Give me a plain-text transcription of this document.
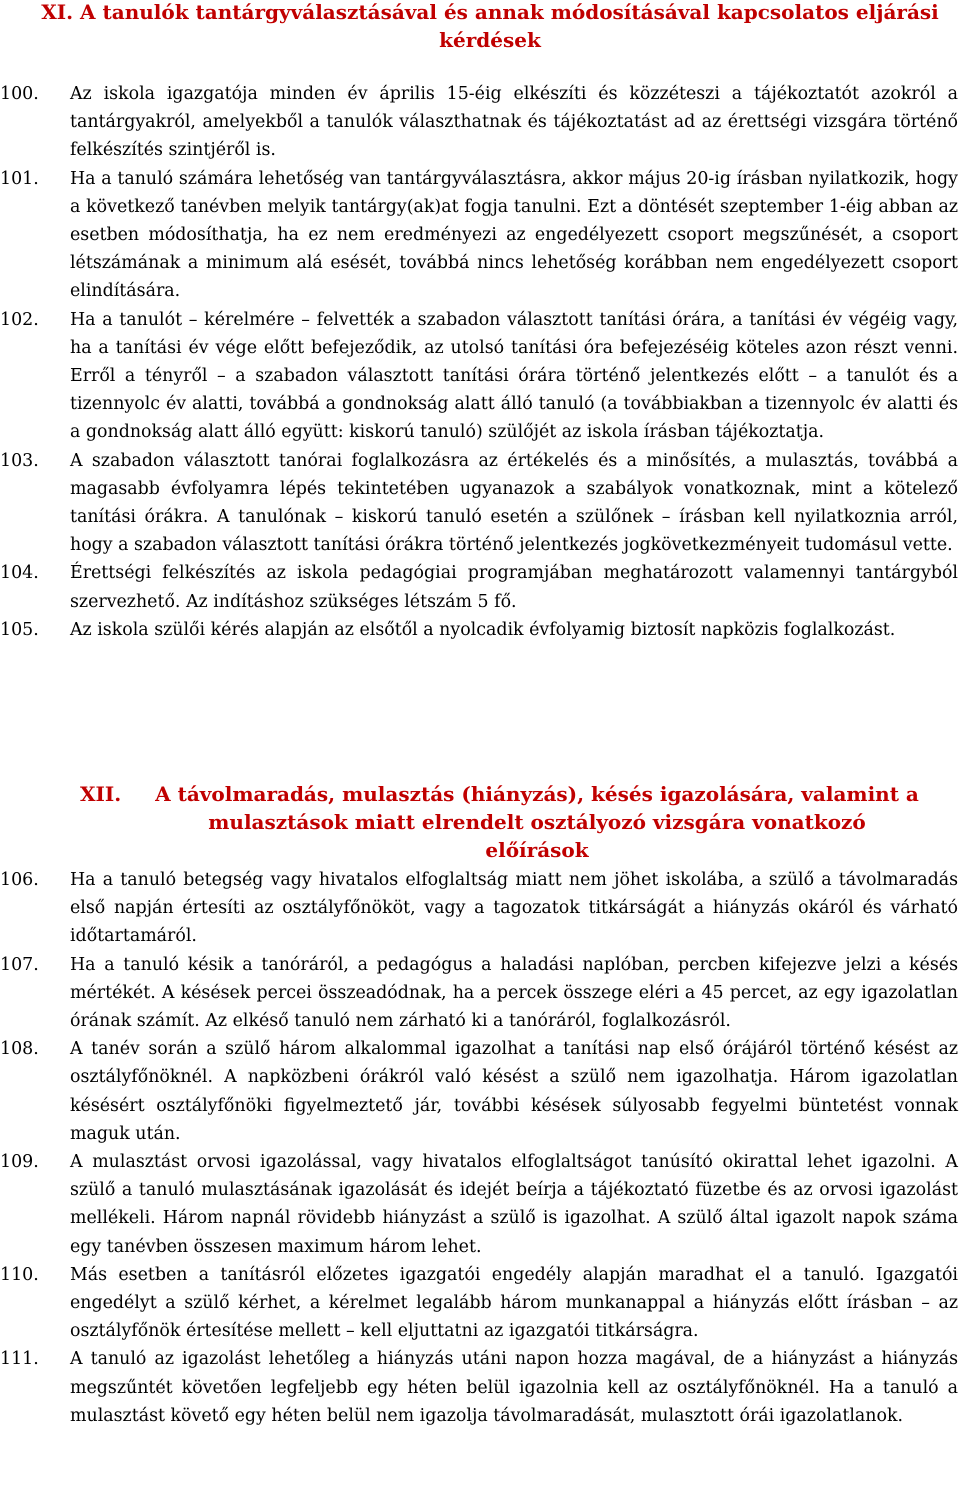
XI. A tanulók tantárgyválasztásával és annak módosításával kapcsolatos eljárási kérdések
100.	Az iskola igazgatója minden év április 15-éig elkészíti és közzéteszi a tájékoztatót azokról a tantárgyakról, amelyekből a tanulók választhatnak és tájékoztatást ad az érettségi vizsgára történő felkészítés szintjéről is.
101.	Ha a tanuló számára lehetőség van tantárgyválasztásra, akkor május 20-ig írásban nyilatkozik, hogy a következő tanévben melyik tantárgy(ak)at fogja tanulni. Ezt a döntését szeptember 1-éig abban az esetben módosíthatja, ha ez nem eredményezi az engedélyezett csoport megszűnését, a csoport létszámának a minimum alá esését, továbbá nincs lehetőség korábban nem engedélyezett csoport elindítására.
102.	Ha a tanulót – kérelmére – felvették a szabadon választott tanítási órára, a tanítási év végéig vagy, ha a tanítási év vége előtt befejeződik, az utolsó tanítási óra befejezéséig köteles azon részt venni. Erről a tényről – a szabadon választott tanítási órára történő jelentkezés előtt – a tanulót és a tizennyolc év alatti, továbbá a gondnokság alatt álló tanuló (a továbbiakban a tizennyolc év alatti és a gondnokság alatt álló együtt: kiskorú tanuló) szülőjét az iskola írásban tájékoztatja.
103.	A szabadon választott tanórai foglalkozásra az értékelés és a minősítés, a mulasztás, továbbá a magasabb évfolyamra lépés tekintetében ugyanazok a szabályok vonatkoznak, mint a kötelező tanítási órákra. A tanulónak – kiskorú tanuló esetén a szülőnek – írásban kell nyilatkoznia arról, hogy a szabadon választott tanítási órákra történő jelentkezés jogkövetkezményeit tudomásul vette.
104.	Érettségi felkészítés az iskola pedagógiai programjában meghatározott valamennyi tantárgyból szervezhető. Az indításhoz szükséges létszám 5 fő.
105.	Az iskola szülői kérés alapján az elsőtől a nyolcadik évfolyamig biztosít napközis foglalkozást.
XII.	A távolmaradás, mulasztás (hiányzás), késés igazolására, valamint a mulasztások miatt elrendelt osztályozó vizsgára vonatkozó előírások
106.	Ha a tanuló betegség vagy hivatalos elfoglaltság miatt nem jöhet iskolába, a szülő a távolmaradás első napján értesíti az osztályfőnököt, vagy a tagozatok titkárságát a hiányzás okáról és várható időtartamáról.
107.	Ha a tanuló késik a tanóráról, a pedagógus a haladási naplóban, percben kifejezve jelzi a késés mértékét. A késések percei összeadódnak, ha a percek összege eléri a 45 percet, az egy igazolatlan órának számít. Az elkéső tanuló nem zárható ki a tanóráról, foglalkozásról.
108.	A tanév során a szülő három alkalommal igazolhat a tanítási nap első órájáról történő késést az osztályfőnöknél. A napközbeni órákról való késést a szülő nem igazolhatja. Három igazolatlan késésért osztályfőnöki figyelmeztető jár, további késések súlyosabb fegyelmi büntetést vonnak maguk után.
109.	A mulasztást orvosi igazolással, vagy hivatalos elfoglaltságot tanúsító okirattal lehet igazolni. A szülő a tanuló mulasztásának igazolását és idejét beírja a tájékoztató füzetbe és az orvosi igazolást mellékeli. Három napnál rövidebb hiányzást a szülő is igazolhat. A szülő által igazolt napok száma egy tanévben összesen maximum három lehet.
110.	Más esetben a tanításról előzetes igazgatói engedély alapján maradhat el a tanuló. Igazgatói engedélyt a szülő kérhet, a kérelmet legalább három munkanappal a hiányzás előtt írásban – az osztályfőnök értesítése mellett – kell eljuttatni az igazgatói titkárságra.
111.	A tanuló az igazolást lehetőleg a hiányzás utáni napon hozza magával, de a hiányzást a hiányzás megszűntét követően legfeljebb egy héten belül igazolnia kell az osztályfőnöknél. Ha a tanuló a mulasztást követő egy héten belül nem igazolja távolmaradását, mulasztott órái igazolatlanok.
